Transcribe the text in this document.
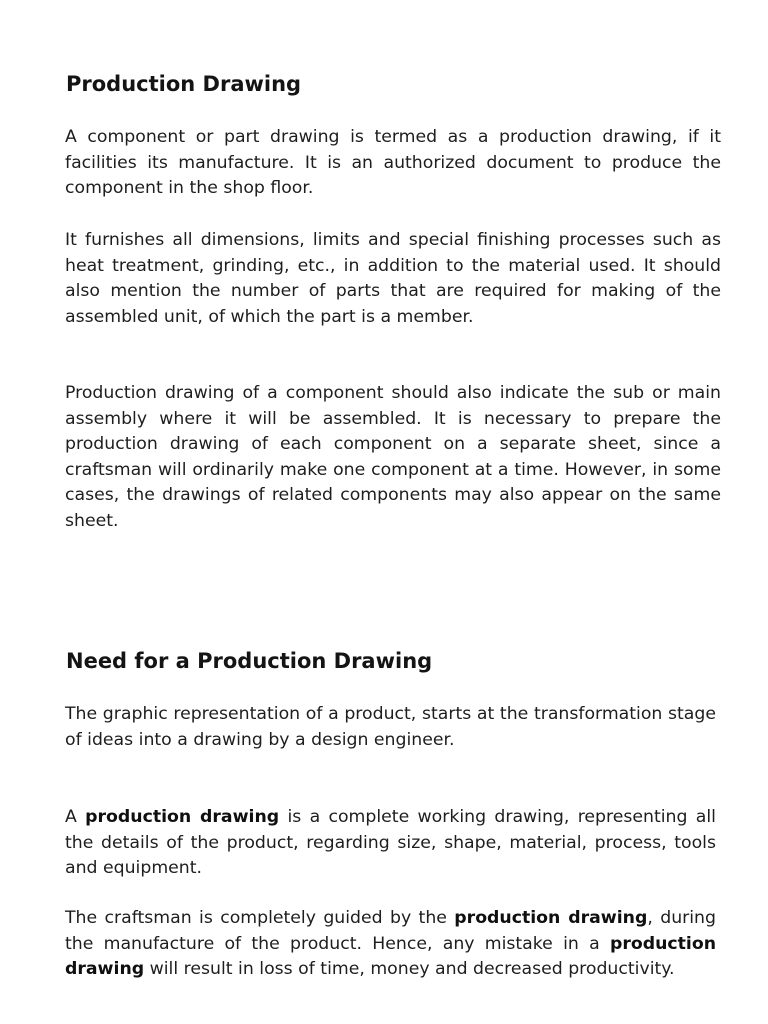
Production Drawing

A component or part drawing is termed as a production drawing, if it facilities its manufacture. It is an authorized document to produce the component in the shop floor.

It furnishes all dimensions, limits and special finishing processes such as heat treatment, grinding, etc., in addition to the material used. It should also mention the number of parts that are required for making of the assembled unit, of which the part is a member.

Production drawing of a component should also indicate the sub or main assembly where it will be assembled. It is necessary to prepare the production drawing of each component on a separate sheet, since a craftsman will ordinarily make one component at a time. However, in some cases, the drawings of related components may also appear on the same sheet.

Need for a Production Drawing

The graphic representation of a product, starts at the transformation stage of ideas into a drawing by a design engineer.

A production drawing is a complete working drawing, representing all the details of the product, regarding size, shape, material, process, tools and equipment.

The craftsman is completely guided by the production drawing, during the manufacture of the product. Hence, any mistake in a production drawing will result in loss of time, money and decreased productivity.
